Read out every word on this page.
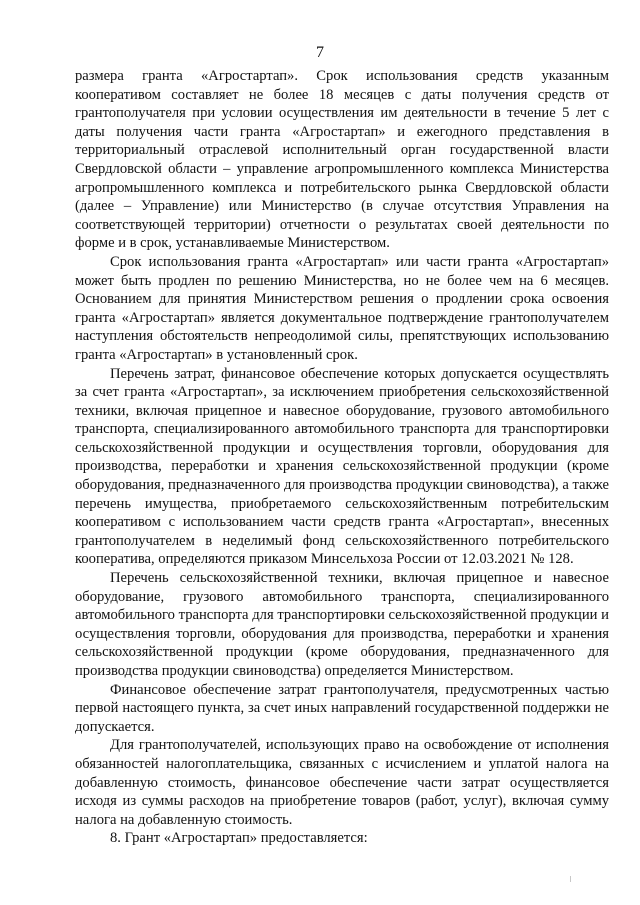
7

размера гранта «Агростартап». Срок использования средств указанным кооперативом составляет не более 18 месяцев с даты получения средств от грантополучателя при условии осуществления им деятельности в течение 5 лет с даты получения части гранта «Агростартап» и ежегодного представления в территориальный отраслевой исполнительный орган государственной власти Свердловской области – управление агропромышленного комплекса Министерства агропромышленного комплекса и потребительского рынка Свердловской области (далее – Управление) или Министерство (в случае отсутствия Управления на соответствующей территории) отчетности о результатах своей деятельности по форме и в срок, устанавливаемые Министерством.

Срок использования гранта «Агростартап» или части гранта «Агростартап» может быть продлен по решению Министерства, но не более чем на 6 месяцев. Основанием для принятия Министерством решения о продлении срока освоения гранта «Агростартап» является документальное подтверждение грантополучателем наступления обстоятельств непреодолимой силы, препятствующих использованию гранта «Агростартап» в установленный срок.

Перечень затрат, финансовое обеспечение которых допускается осуществлять за счет гранта «Агростартап», за исключением приобретения сельскохозяйственной техники, включая прицепное и навесное оборудование, грузового автомобильного транспорта, специализированного автомобильного транспорта для транспортировки сельскохозяйственной продукции и осуществления торговли, оборудования для производства, переработки и хранения сельскохозяйственной продукции (кроме оборудования, предназначенного для производства продукции свиноводства), а также перечень имущества, приобретаемого сельскохозяйственным потребительским кооперативом с использованием части средств гранта «Агростартап», внесенных грантополучателем в неделимый фонд сельскохозяйственного потребительского кооператива, определяются приказом Минсельхоза России от 12.03.2021 № 128.

Перечень сельскохозяйственной техники, включая прицепное и навесное оборудование, грузового автомобильного транспорта, специализированного автомобильного транспорта для транспортировки сельскохозяйственной продукции и осуществления торговли, оборудования для производства, переработки и хранения сельскохозяйственной продукции (кроме оборудования, предназначенного для производства продукции свиноводства) определяется Министерством.

Финансовое обеспечение затрат грантополучателя, предусмотренных частью первой настоящего пункта, за счет иных направлений государственной поддержки не допускается.

Для грантополучателей, использующих право на освобождение от исполнения обязанностей налогоплательщика, связанных с исчислением и уплатой налога на добавленную стоимость, финансовое обеспечение части затрат осуществляется исходя из суммы расходов на приобретение товаров (работ, услуг), включая сумму налога на добавленную стоимость.

8. Грант «Агростартап» предоставляется:
